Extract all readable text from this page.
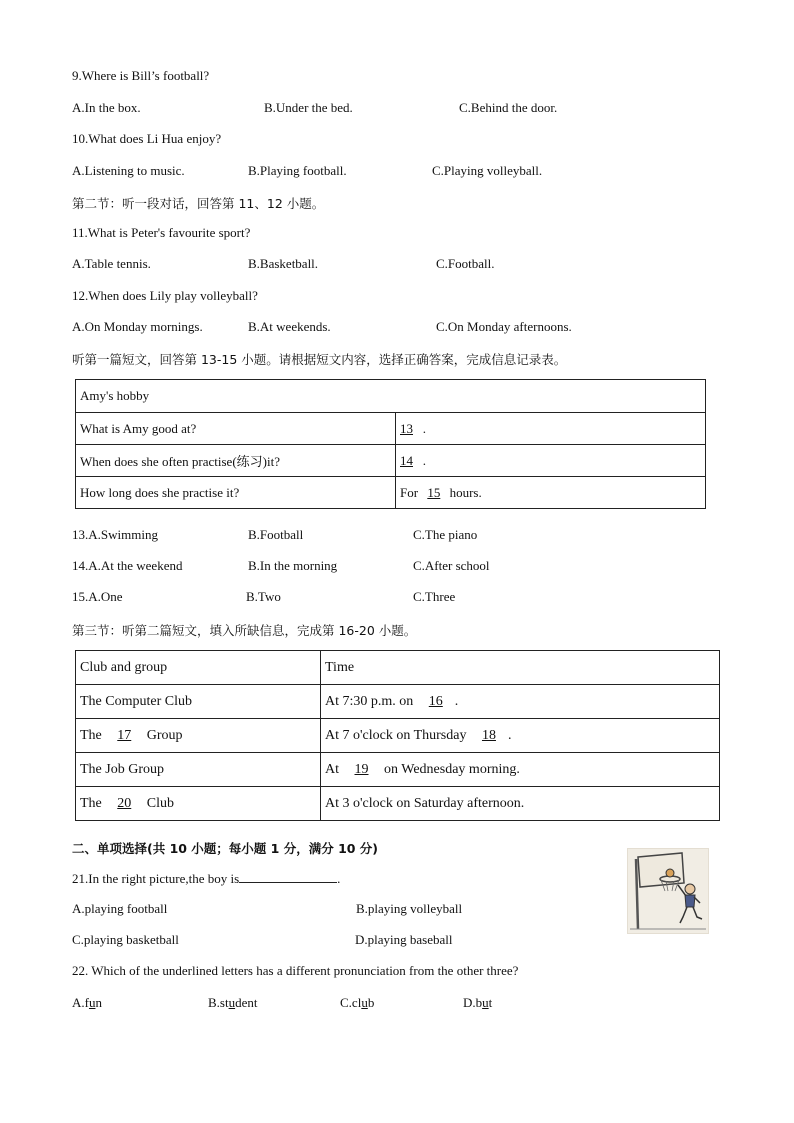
9.Where is Bill’s football?
A.In the box.	B.Under the bed.	C.Behind the door.
10.What does Li Hua enjoy?
A.Listening to music.	B.Playing football.	C.Playing volleyball.
第二节：听一段对话，回答第 11、12 小题。
11.What is Peter's favourite sport?
A.Table tennis.	B.Basketball.	C.Football.
12.When does Lily play volleyball?
A.On Monday mornings.	B.At weekends.	C.On Monday afternoons.
听第一篇短文，回答第 13-15 小题。请根据短文内容，选择正确答案，完成信息记录表。
Amy's hobby	
What is Amy good at?	13 .
When does she often practise(练习)it?	14 .
How long does she practise it?	For 15 hours.
13.A.Swimming	B.Football	C.The piano
14.A.At the weekend	B.In the morning	C.After school
15.A.One	B.Two	C.Three
第三节：听第二篇短文，填入所缺信息，完成第 16-20 小题。
Club and group	Time
The Computer Club	At 7:30 p.m. on 16 .
The 17 Group	At 7 o'clock on Thursday 18 .
The Job Group	At 19 on Wednesday morning.
The 20 Club	At 3 o'clock on Saturday afternoon.
二、单项选择(共 10 小题；每小题 1 分，满分 10 分)
21.In the right picture,the boy is	.
A.playing football	B.playing volleyball
C.playing basketball	D.playing baseball
22. Which of the underlined letters has a different pronunciation from the other three?
A.fun	B.student	C.club	D.but
